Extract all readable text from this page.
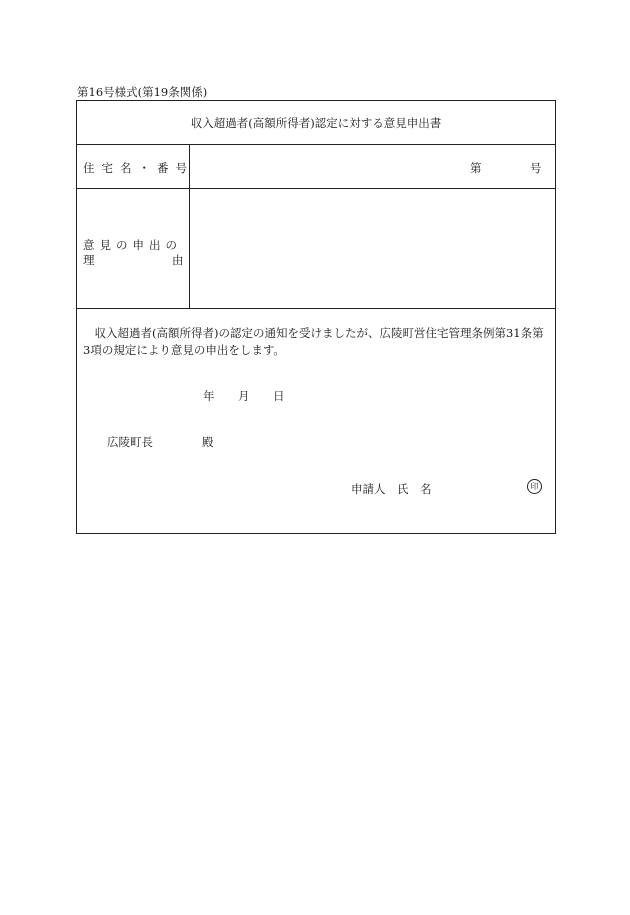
第16号様式(第19条関係)
収入超過者(高額所得者)認定に対する意見申出書
住宅名・番号	第	号
意見の申出の
理	由

収入超過者(高額所得者)の認定の通知を受けましたが、広陵町営住宅管理条例第31条第3項の規定により意見の申出をします。

年 月 日
広陵町長	殿
申請人 氏　名	印
